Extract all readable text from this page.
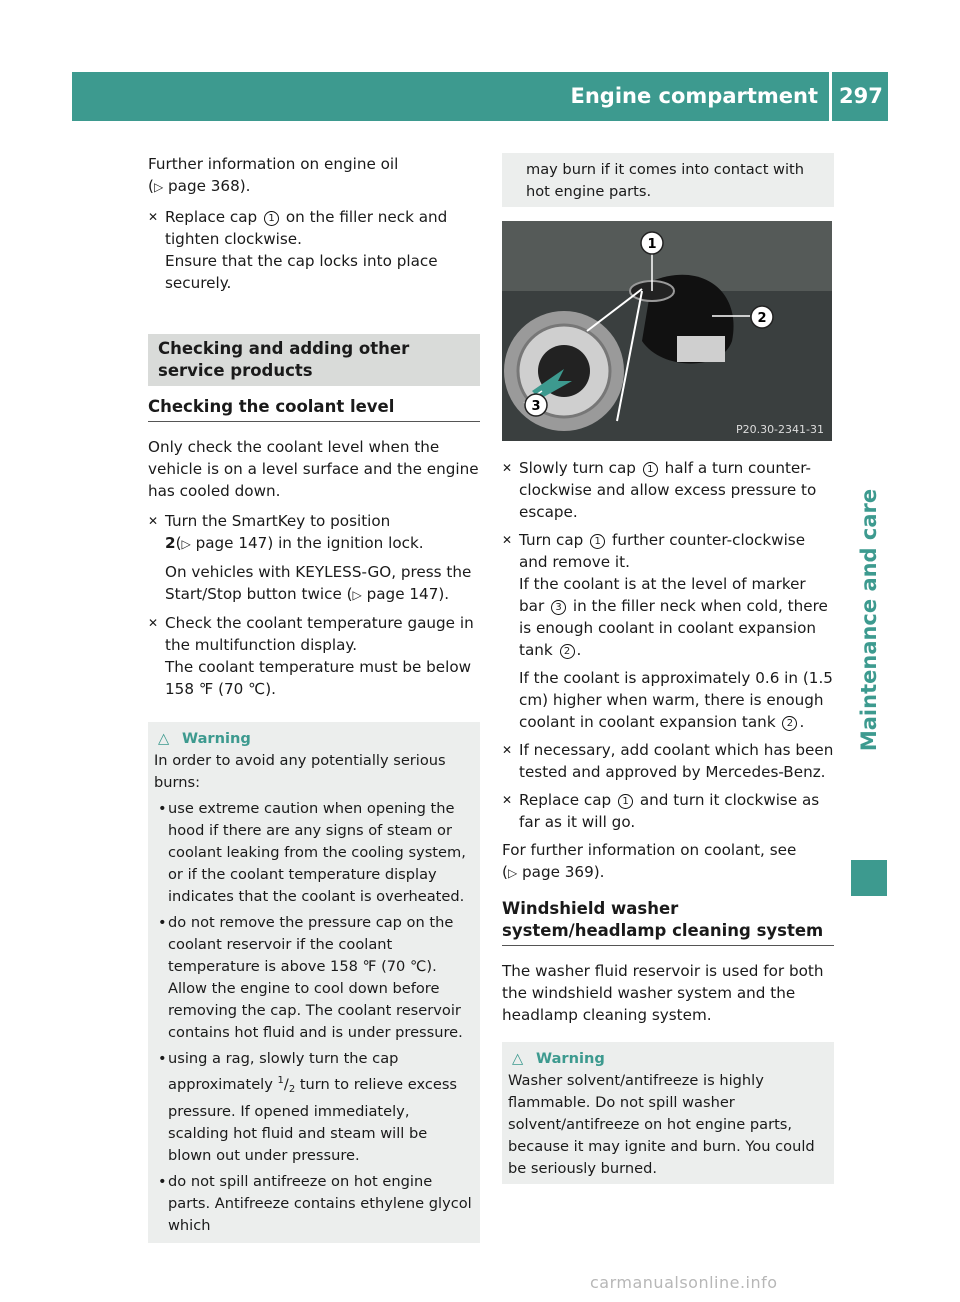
Engine compartment 297
Maintenance and care

Further information on engine oil
(▷ page 368).

✕ Replace cap 1 on the filler neck and tighten clockwise.
Ensure that the cap locks into place securely.
Checking and adding other service products
Checking the coolant level

Only check the coolant level when the vehicle is on a level surface and the engine has cooled down.

✕ Turn the SmartKey to position
2(▷ page 147) in the ignition lock.
On vehicles with KEYLESS-GO, press the Start/Stop button twice (▷ page 147).
✕ Check the coolant temperature gauge in the multifunction display.
The coolant temperature must be below 158 ℉ (70 ℃).
△ Warning
In order to avoid any potentially serious burns:
• use extreme caution when opening the hood if there are any signs of steam or coolant leaking from the cooling system, or if the coolant temperature display indicates that the coolant is overheated.
• do not remove the pressure cap on the coolant reservoir if the coolant temperature is above 158 ℉ (70 ℃). Allow the engine to cool down before removing the cap. The coolant reservoir contains hot fluid and is under pressure.
• using a rag, slowly turn the cap approximately $^1/_2$ turn to relieve excess pressure. If opened immediately, scalding hot fluid and steam will be blown out under pressure.
• do not spill antifreeze on hot engine parts. Antifreeze contains ethylene glycol which
may burn if it comes into contact with hot engine parts.
1
2
3
P20.30-2341-31
✕ Slowly turn cap 1 half a turn counter-clockwise and allow excess pressure to escape.
✕ Turn cap 1 further counter-clockwise and remove it.
If the coolant is at the level of marker bar 3 in the filler neck when cold, there is enough coolant in coolant expansion tank 2 .
If the coolant is approximately 0.6 in (1.5 cm) higher when warm, there is enough coolant in coolant expansion tank 2 .
✕ If necessary, add coolant which has been tested and approved by Mercedes-Benz.
✕ Replace cap 1 and turn it clockwise as far as it will go.

For further information on coolant, see
(▷ page 369).

Windshield washer system/headlamp cleaning system

The washer fluid reservoir is used for both the windshield washer system and the headlamp cleaning system.

△ Warning
Washer solvent/antifreeze is highly flammable. Do not spill washer solvent/antifreeze on hot engine parts, because it may ignite and burn. You could be seriously burned.
carmanualsonline.info
